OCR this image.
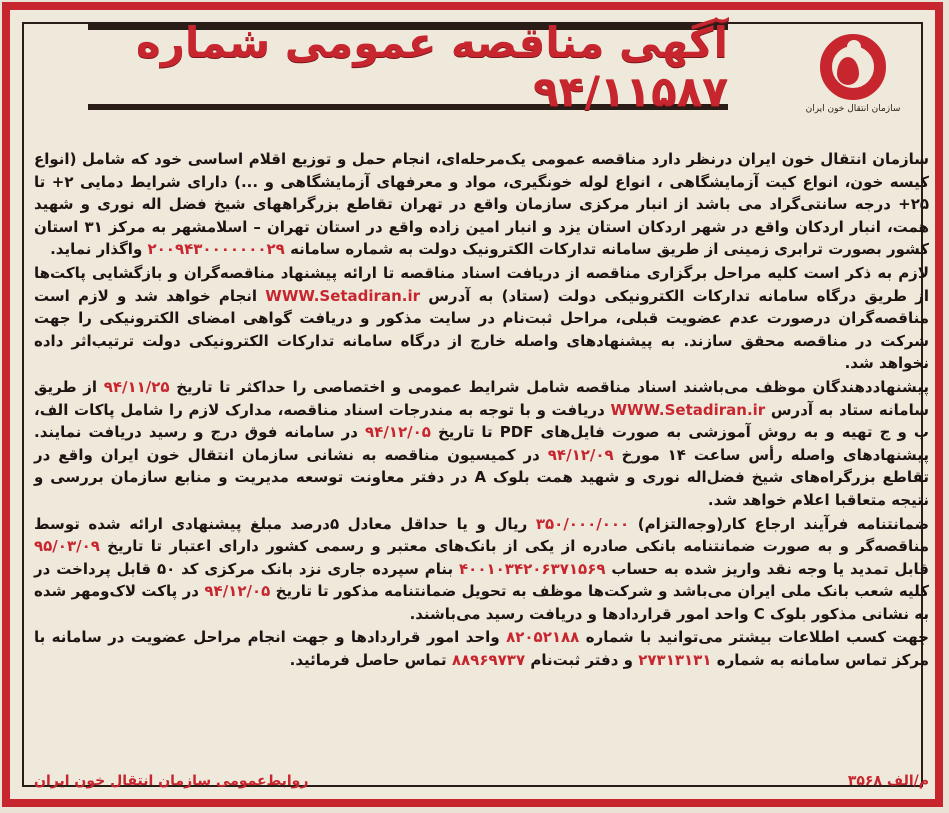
آگهی مناقصه عمومی شماره ۹۴/۱۱۵۸۷	سازمان انتقال خون ایران

سازمان انتقال خون ایران درنظر دارد مناقصه عمومی یک‌مرحله‌ای، انجام حمل و توزیع اقلام اساسی خود که شامل (انواع کیسه خون، انواع کیت آزمایشگاهی ، انواع لوله خونگیری، مواد و معرفهای آزمایشگاهی و ...) دارای شرایط دمایی ۲+ تا ۲۵+ درجه سانتی‌گراد می باشد از انبار مرکزی سازمان واقع در تهران تقاطع بزرگراههای شیخ فضل اله نوری و شهید همت، انبار اردکان واقع در شهر اردکان استان یزد و انبار امین زاده واقع در استان تهران – اسلامشهر به مرکز ۳۱ استان کشور بصورت ترابری زمینی از طریق سامانه تدارکات الکترونیک دولت به شماره سامانه ۲۰۰۹۴۳۰۰۰۰۰۰۰۲۹ واگذار نماید.

لازم به ذکر است کلیه مراحل برگزاری مناقصه از دریافت اسناد مناقصه تا ارائه پیشنهاد مناقصه‌گران و بازگشایی پاکت‌ها از طریق درگاه سامانه تدارکات الکترونیکی دولت (ستاد) به آدرس WWW.Setadiran.ir انجام خواهد شد و لازم است مناقصه‌گران درصورت عدم عضویت قبلی، مراحل ثبت‌نام در سایت مذکور و دریافت گواهی امضای الکترونیکی را جهت شرکت در مناقصه محقق سازند. به پیشنهادهای واصله خارج از درگاه سامانه تدارکات الکترونیکی دولت ترتیب‌اثر داده نخواهد شد.

پیشنهاددهندگان موظف می‌باشند اسناد مناقصه شامل شرایط عمومی و اختصاصی را حداکثر تا تاریخ ۹۴/۱۱/۲۵ از طریق سامانه ستاد به آدرس WWW.Setadiran.ir دریافت و با توجه به مندرجات اسناد مناقصه، مدارک لازم را شامل پاکات الف، ب و ج تهیه و به روش آموزشی به صورت فایل‌های PDF تا تاریخ ۹۴/۱۲/۰۵ در سامانه فوق درج و رسید دریافت نمایند. پیشنهادهای واصله رأس ساعت ۱۴ مورخ ۹۴/۱۲/۰۹ در کمیسیون مناقصه به نشانی سازمان انتقال خون ایران واقع در تقاطع بزرگراه‌های شیخ فضل‌اله نوری و شهید همت بلوک A در دفتر معاونت توسعه مدیریت و منابع سازمان بررسی و نتیجه متعاقبا اعلام خواهد شد.

ضمانتنامه فرآیند ارجاع کار(وجه‌التزام) ۳۵۰/۰۰۰/۰۰۰ ریال و یا حداقل معادل ۵درصد مبلغ پیشنهادی ارائه شده توسط مناقصه‌گر و به صورت ضمانتنامه بانکی صادره از یکی از بانک‌های معتبر و رسمی کشور دارای اعتبار تا تاریخ ۹۵/۰۳/۰۹ قابل تمدید یا وجه نقد واریز شده به حساب ۴۰۰۱۰۳۴۲۰۶۳۷۱۵۶۹ بنام سپرده جاری نزد بانک مرکزی کد ۵۰ قابل پرداخت در کلیه شعب بانک ملی ایران می‌باشد و شرکت‌ها موظف به تحویل ضمانتنامه مذکور تا تاریخ ۹۴/۱۲/۰۵ در پاکت لاک‌ومهر شده به نشانی مذکور بلوک C واحد امور قراردادها و دریافت رسید می‌باشند.

جهت کسب اطلاعات بیشتر می‌توانید با شماره ۸۲۰۵۲۱۸۸ واحد امور قراردادها و جهت انجام مراحل عضویت در سامانه با مرکز تماس سامانه به شماره ۲۷۳۱۳۱۳۱ و دفتر ثبت‌نام ۸۸۹۶۹۷۳۷ تماس حاصل فرمائید.

م/الف ۳۵۶۸
روابط‌عمومی سازمان انتقال خون ایران
